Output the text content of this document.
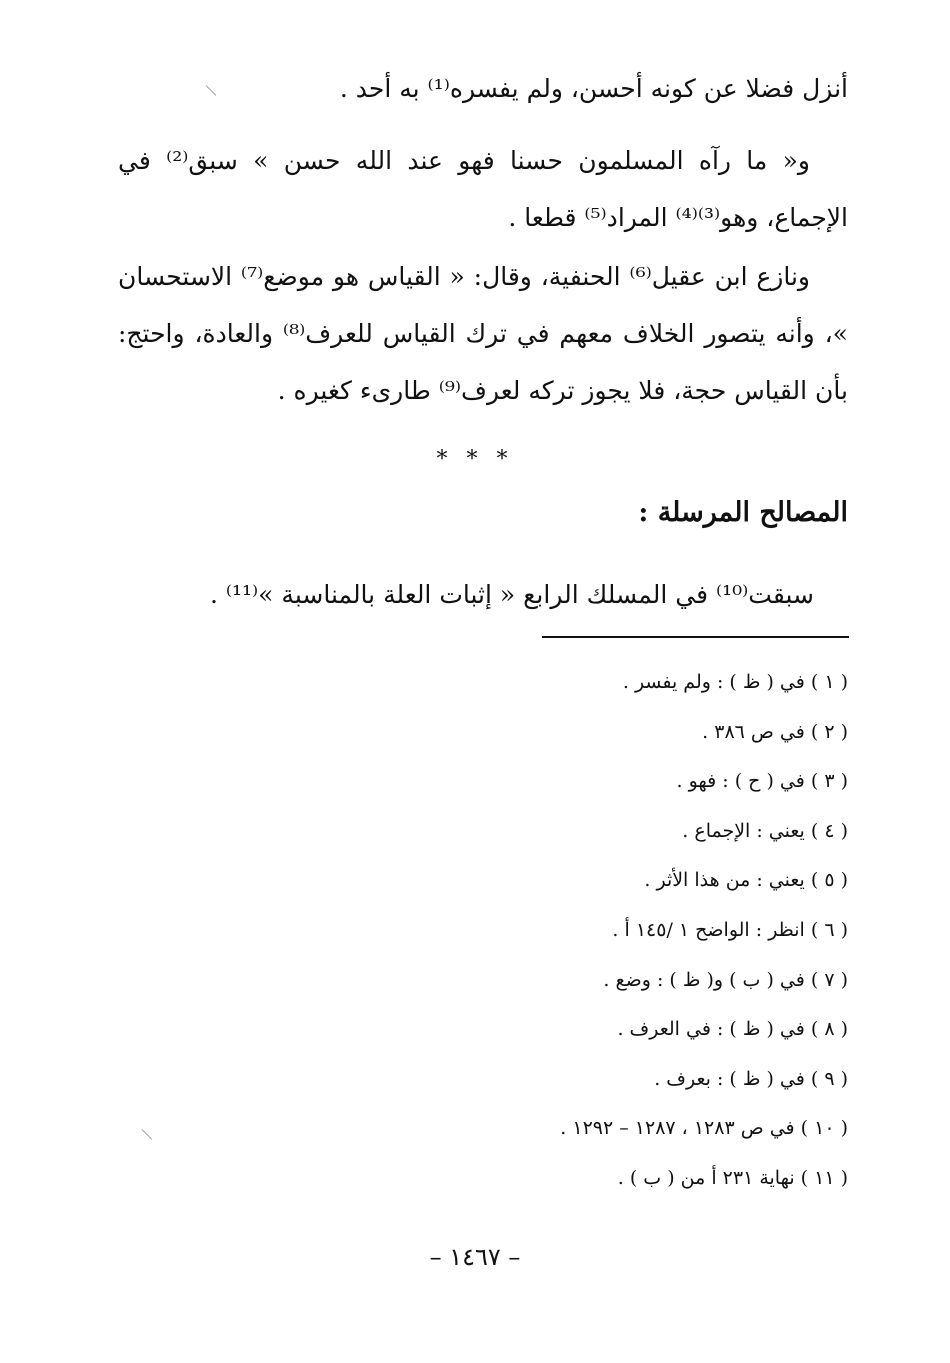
أنزل فضلا عن كونه أحسن، ولم يفسره⁽¹⁾ به أحد .

و« ما رآه المسلمون حسنا فهو عند الله حسن » سبق⁽²⁾ في الإجماع، وهو⁽³⁾⁽⁴⁾ المراد⁽⁵⁾ قطعا .

ونازع ابن عقيل⁽⁶⁾ الحنفية، وقال: « القياس هو موضع⁽⁷⁾ الاستحسان »، وأنه يتصور الخلاف معهم في ترك القياس للعرف⁽⁸⁾ والعادة، واحتج: بأن القياس حجة، فلا يجوز تركه لعرف⁽⁹⁾ طارىء كغيره .

* * *
المصالح المرسلة :

سبقت⁽¹⁰⁾ في المسلك الرابع « إثبات العلة بالمناسبة »⁽¹¹⁾ .

( ١ ) في ( ظ ) : ولم يفسر .
( ٢ ) في ص ٣٨٦ .
( ٣ ) في ( ح ) : فهو .
( ٤ ) يعني : الإجماع .
( ٥ ) يعني : من هذا الأثر .
( ٦ ) انظر : الواضح ١ /١٤٥ أ .
( ٧ ) في ( ب ) و( ظ ) : وضع .
( ٨ ) في ( ظ ) : في العرف .
( ٩ ) في ( ظ ) : بعرف .
( ١٠ ) في ص ١٢٨٣ ، ١٢٨٧ – ١٢٩٢ .
( ١١ ) نهاية ٢٣١ أ من ( ب ) .
– ١٤٦٧ –
